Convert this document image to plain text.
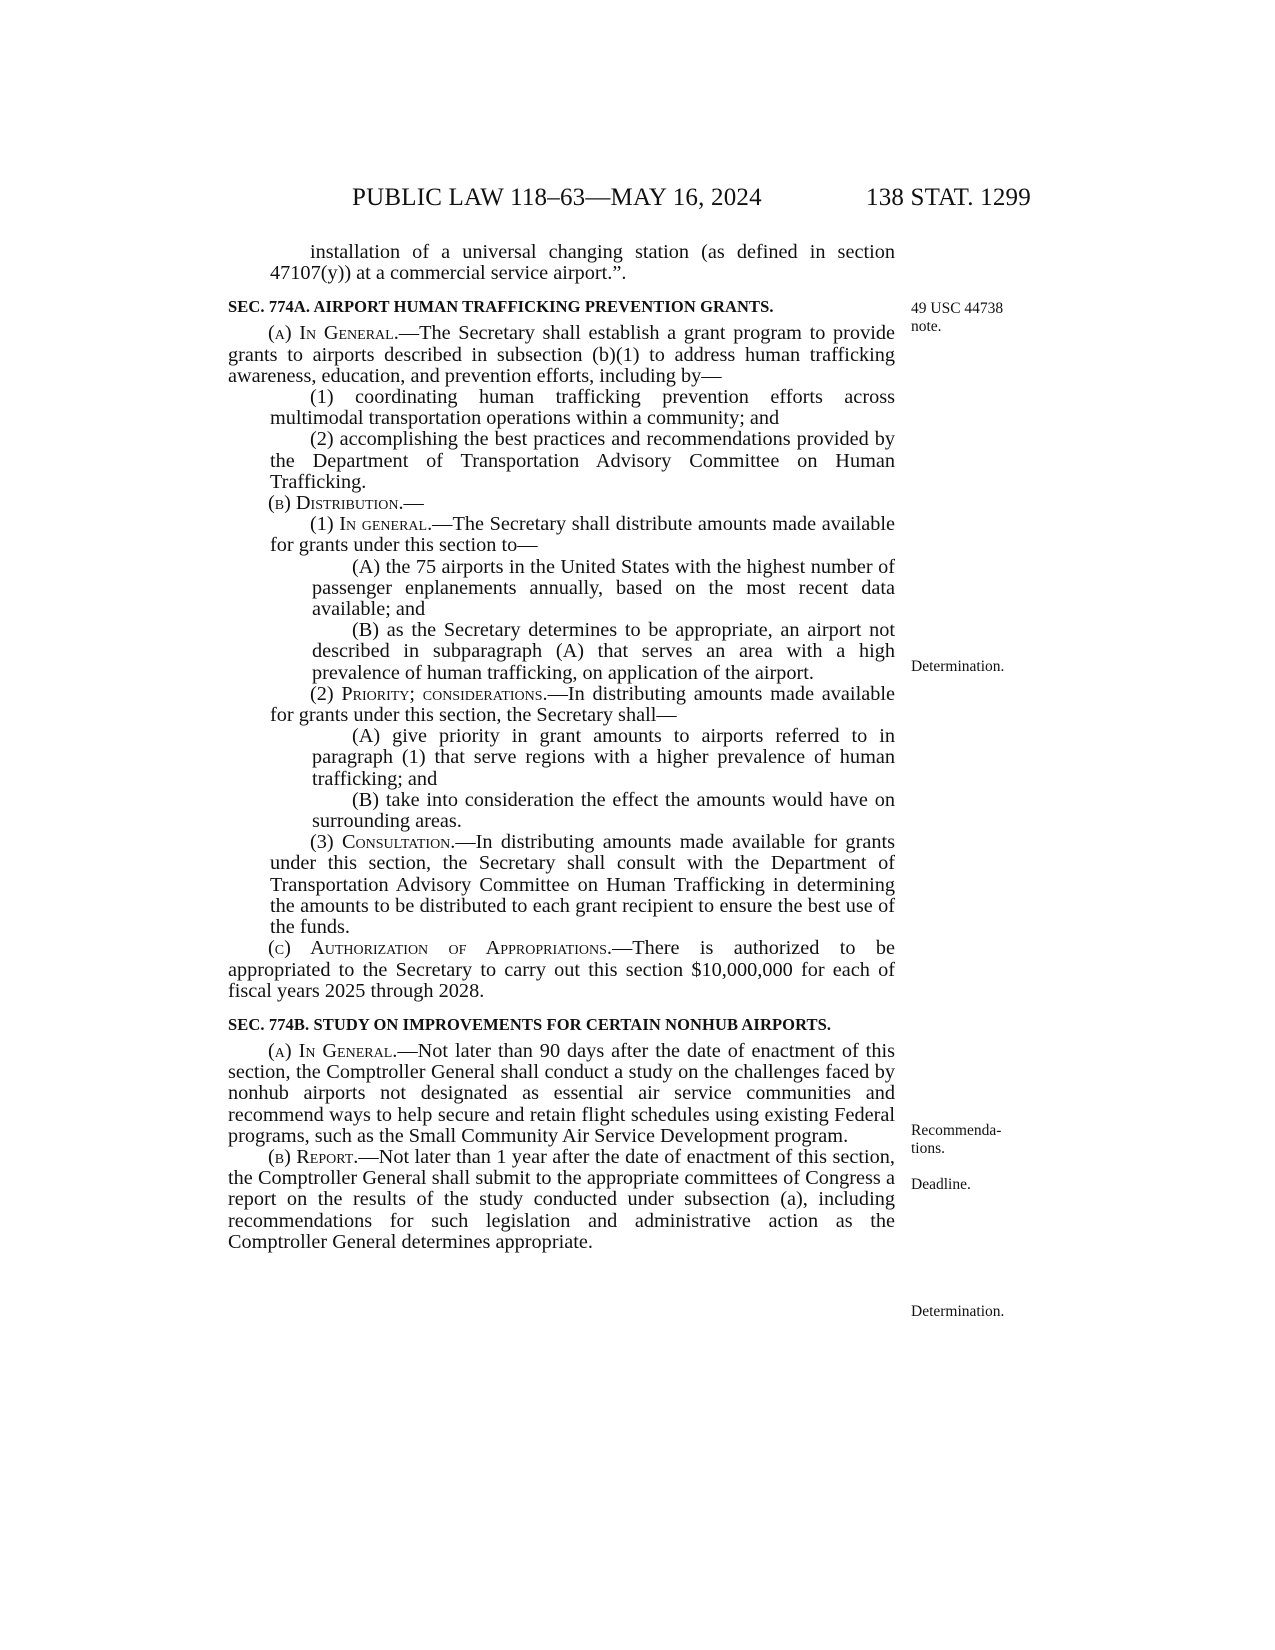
PUBLIC LAW 118–63—MAY 16, 2024	138 STAT. 1299

installation of a universal changing station (as defined in section 47107(y)) at a commercial service airport.”.

SEC. 774A. AIRPORT HUMAN TRAFFICKING PREVENTION GRANTS.

(a) In General.—The Secretary shall establish a grant program to provide grants to airports described in subsection (b)(1) to address human trafficking awareness, education, and prevention efforts, including by—

(1) coordinating human trafficking prevention efforts across multimodal transportation operations within a community; and

(2) accomplishing the best practices and recommendations provided by the Department of Transportation Advisory Committee on Human Trafficking.

(b) Distribution.—

(1) In general.—The Secretary shall distribute amounts made available for grants under this section to—

(A) the 75 airports in the United States with the highest number of passenger enplanements annually, based on the most recent data available; and

(B) as the Secretary determines to be appropriate, an airport not described in subparagraph (A) that serves an area with a high prevalence of human trafficking, on application of the airport.

(2) Priority; considerations.—In distributing amounts made available for grants under this section, the Secretary shall—

(A) give priority in grant amounts to airports referred to in paragraph (1) that serve regions with a higher prevalence of human trafficking; and

(B) take into consideration the effect the amounts would have on surrounding areas.

(3) Consultation.—In distributing amounts made available for grants under this section, the Secretary shall consult with the Department of Transportation Advisory Committee on Human Trafficking in determining the amounts to be distributed to each grant recipient to ensure the best use of the funds.

(c) Authorization of Appropriations.—There is authorized to be appropriated to the Secretary to carry out this section $10,000,000 for each of fiscal years 2025 through 2028.

SEC. 774B. STUDY ON IMPROVEMENTS FOR CERTAIN NONHUB AIRPORTS.

(a) In General.—Not later than 90 days after the date of enactment of this section, the Comptroller General shall conduct a study on the challenges faced by nonhub airports not designated as essential air service communities and recommend ways to help secure and retain flight schedules using existing Federal programs, such as the Small Community Air Service Development program.

(b) Report.—Not later than 1 year after the date of enactment of this section, the Comptroller General shall submit to the appropriate committees of Congress a report on the results of the study conducted under subsection (a), including recommendations for such legislation and administrative action as the Comptroller General determines appropriate.

49 USC 44738
note.
Determination.
Recommenda-
tions.
Deadline.
Determination.
